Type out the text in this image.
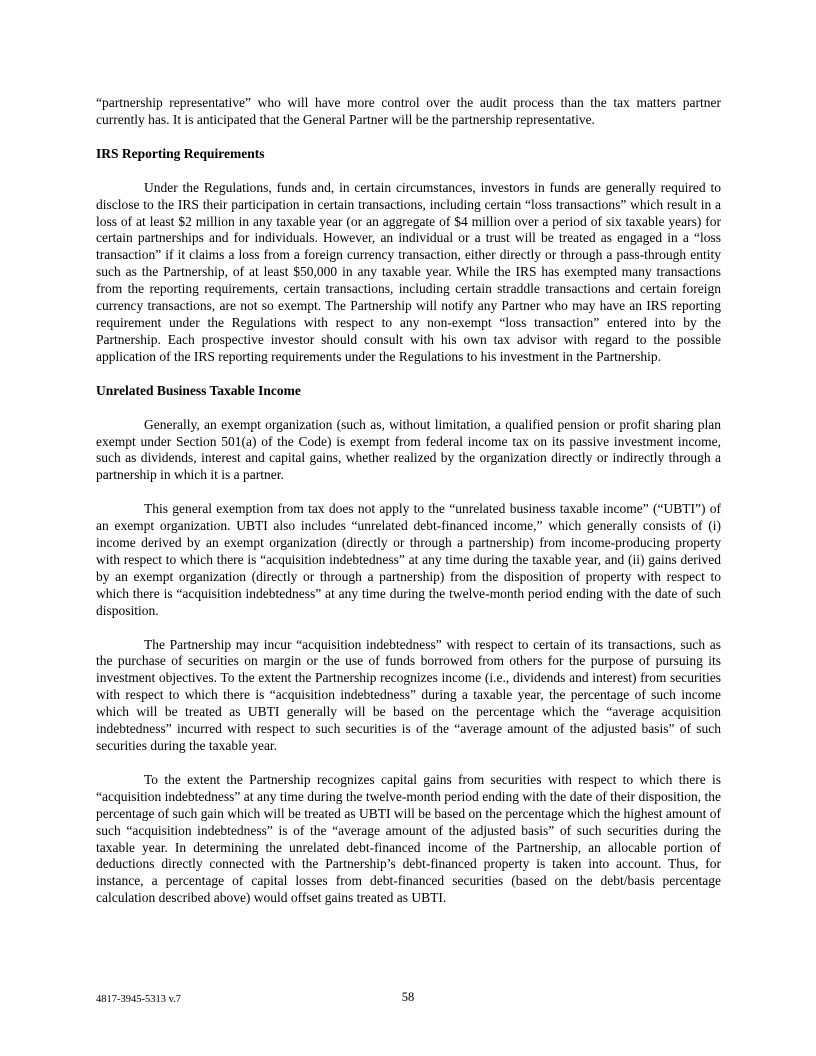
“partnership representative” who will have more control over the audit process than the tax matters partner currently has. It is anticipated that the General Partner will be the partnership representative.

IRS Reporting Requirements

Under the Regulations, funds and, in certain circumstances, investors in funds are generally required to disclose to the IRS their participation in certain transactions, including certain “loss transactions” which result in a loss of at least $2 million in any taxable year (or an aggregate of $4 million over a period of six taxable years) for certain partnerships and for individuals. However, an individual or a trust will be treated as engaged in a “loss transaction” if it claims a loss from a foreign currency transaction, either directly or through a pass-through entity such as the Partnership, of at least $50,000 in any taxable year. While the IRS has exempted many transactions from the reporting requirements, certain transactions, including certain straddle transactions and certain foreign currency transactions, are not so exempt. The Partnership will notify any Partner who may have an IRS reporting requirement under the Regulations with respect to any non-exempt “loss transaction” entered into by the Partnership. Each prospective investor should consult with his own tax advisor with regard to the possible application of the IRS reporting requirements under the Regulations to his investment in the Partnership.

Unrelated Business Taxable Income

Generally, an exempt organization (such as, without limitation, a qualified pension or profit sharing plan exempt under Section 501(a) of the Code) is exempt from federal income tax on its passive investment income, such as dividends, interest and capital gains, whether realized by the organization directly or indirectly through a partnership in which it is a partner.

This general exemption from tax does not apply to the “unrelated business taxable income” (“UBTI”) of an exempt organization. UBTI also includes “unrelated debt-financed income,” which generally consists of (i) income derived by an exempt organization (directly or through a partnership) from income-producing property with respect to which there is “acquisition indebtedness” at any time during the taxable year, and (ii) gains derived by an exempt organization (directly or through a partnership) from the disposition of property with respect to which there is “acquisition indebtedness” at any time during the twelve-month period ending with the date of such disposition.

The Partnership may incur “acquisition indebtedness” with respect to certain of its transactions, such as the purchase of securities on margin or the use of funds borrowed from others for the purpose of pursuing its investment objectives. To the extent the Partnership recognizes income (i.e., dividends and interest) from securities with respect to which there is “acquisition indebtedness” during a taxable year, the percentage of such income which will be treated as UBTI generally will be based on the percentage which the “average acquisition indebtedness” incurred with respect to such securities is of the “average amount of the adjusted basis” of such securities during the taxable year.

To the extent the Partnership recognizes capital gains from securities with respect to which there is “acquisition indebtedness” at any time during the twelve-month period ending with the date of their disposition, the percentage of such gain which will be treated as UBTI will be based on the percentage which the highest amount of such “acquisition indebtedness” is of the “average amount of the adjusted basis” of such securities during the taxable year. In determining the unrelated debt-financed income of the Partnership, an allocable portion of deductions directly connected with the Partnership’s debt-financed property is taken into account. Thus, for instance, a percentage of capital losses from debt-financed securities (based on the debt/basis percentage calculation described above) would offset gains treated as UBTI.

4817-3945-5313 v.7	58
